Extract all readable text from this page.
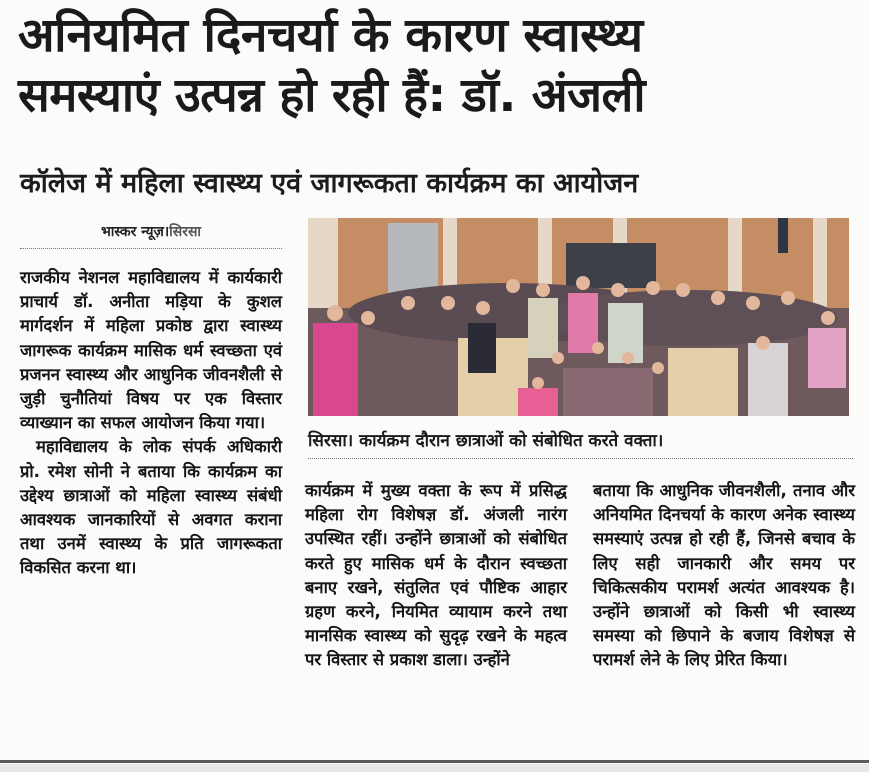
अनियमित दिनचर्या के कारण स्वास्थ्य
समस्याएं उत्पन्न हो रही हैं: डॉ. अंजली
कॉलेज में महिला स्वास्थ्य एवं जागरूकता कार्यक्रम का आयोजन
भास्कर न्यूज़।सिरसा

राजकीय नेशनल महाविद्यालय में कार्यकारी प्राचार्य डॉ. अनीता मड़िया के कुशल मार्गदर्शन में महिला प्रकोष्ठ द्वारा स्वास्थ्य जागरूक कार्यक्रम मासिक धर्म स्वच्छता एवं प्रजनन स्वास्थ्य और आधुनिक जीवनशैली से जुड़ी चुनौतियां विषय पर एक विस्तार व्याख्यान का सफल आयोजन किया गया।

महाविद्यालय के लोक संपर्क अधिकारी प्रो. रमेश सोनी ने बताया कि कार्यक्रम का उद्देश्य छात्राओं को महिला स्वास्थ्य संबंधी आवश्यक जानकारियों से अवगत कराना तथा उनमें स्वास्थ्य के प्रति जागरूकता विकसित करना था।

सिरसा। कार्यक्रम दौरान छात्राओं को संबोधित करते वक्ता।

कार्यक्रम में मुख्य वक्ता के रूप में प्रसिद्ध महिला रोग विशेषज्ञ डॉ. अंजली नारंग उपस्थित रहीं। उन्होंने छात्राओं को संबोधित करते हुए मासिक धर्म के दौरान स्वच्छता बनाए रखने, संतुलित एवं पौष्टिक आहार ग्रहण करने, नियमित व्यायाम करने तथा मानसिक स्वास्थ्य को सुदृढ़ रखने के महत्व पर विस्तार से प्रकाश डाला। उन्होंने

बताया कि आधुनिक जीवनशैली, तनाव और अनियमित दिनचर्या के कारण अनेक स्वास्थ्य समस्याएं उत्पन्न हो रही हैं, जिनसे बचाव के लिए सही जानकारी और समय पर चिकित्सकीय परामर्श अत्यंत आवश्यक है। उन्होंने छात्राओं को किसी भी स्वास्थ्य समस्या को छिपाने के बजाय विशेषज्ञ से परामर्श लेने के लिए प्रेरित किया।
